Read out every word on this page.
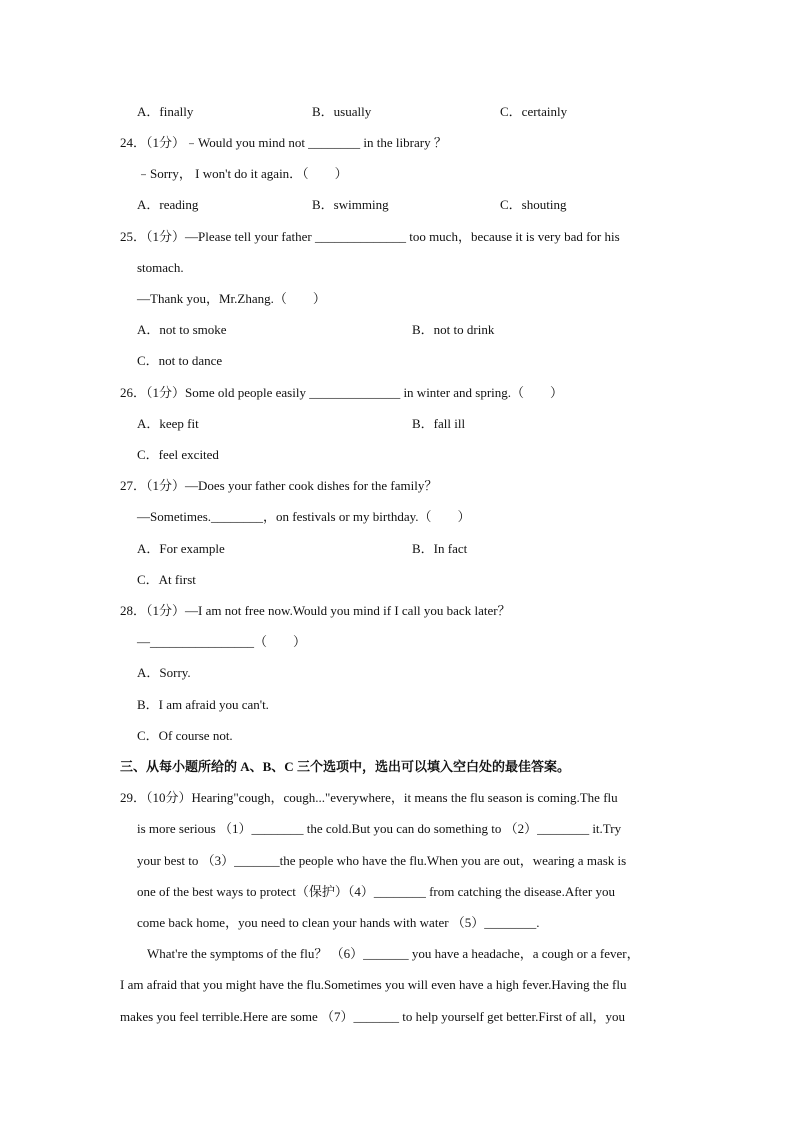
A．finally	B．usually	C．certainly
24．（1分）﹣Would you mind not ________ in the library ？
﹣Sorry， I won't do it again．（　　）
A．reading	B．swimming	C．shouting
25．（1分）—Please tell your father ______________ too much，because it is very bad for his
stomach.
—Thank you，Mr.Zhang.（　　）
A．not to smoke	B．not to drink
C．not to dance
26．（1分）Some old people easily ______________ in winter and spring.（　　）
A．keep fit	B．fall ill
C．feel excited
27．（1分）—Does your father cook dishes for the family？
—Sometimes.________，on festivals or my birthday.（　　）
A．For example	B．In fact
C．At first
28．（1分）—I am not free now.Would you mind if I call you back later？
—________________（　　）
A．Sorry.
B．I am afraid you can't.
C．Of course not.
三、从每小题所给的 A、B、C 三个选项中，选出可以填入空白处的最佳答案。
29．（10分）Hearing"cough，cough..."everywhere，it means the flu season is coming.The flu
is more serious （1）________ the cold.But you can do something to （2）________ it.Try
your best to （3）_______the people who have the flu.When you are out，wearing a mask is
one of the best ways to protect（保护）（4）________ from catching the disease.After you
come back home，you need to clean your hands with water （5）________.
What're the symptoms of the flu？ （6）_______ you have a headache，a cough or a fever，
I am afraid that you might have the flu.Sometimes you will even have a high fever.Having the flu
makes you feel terrible.Here are some （7）_______ to help yourself get better.First of all，you
